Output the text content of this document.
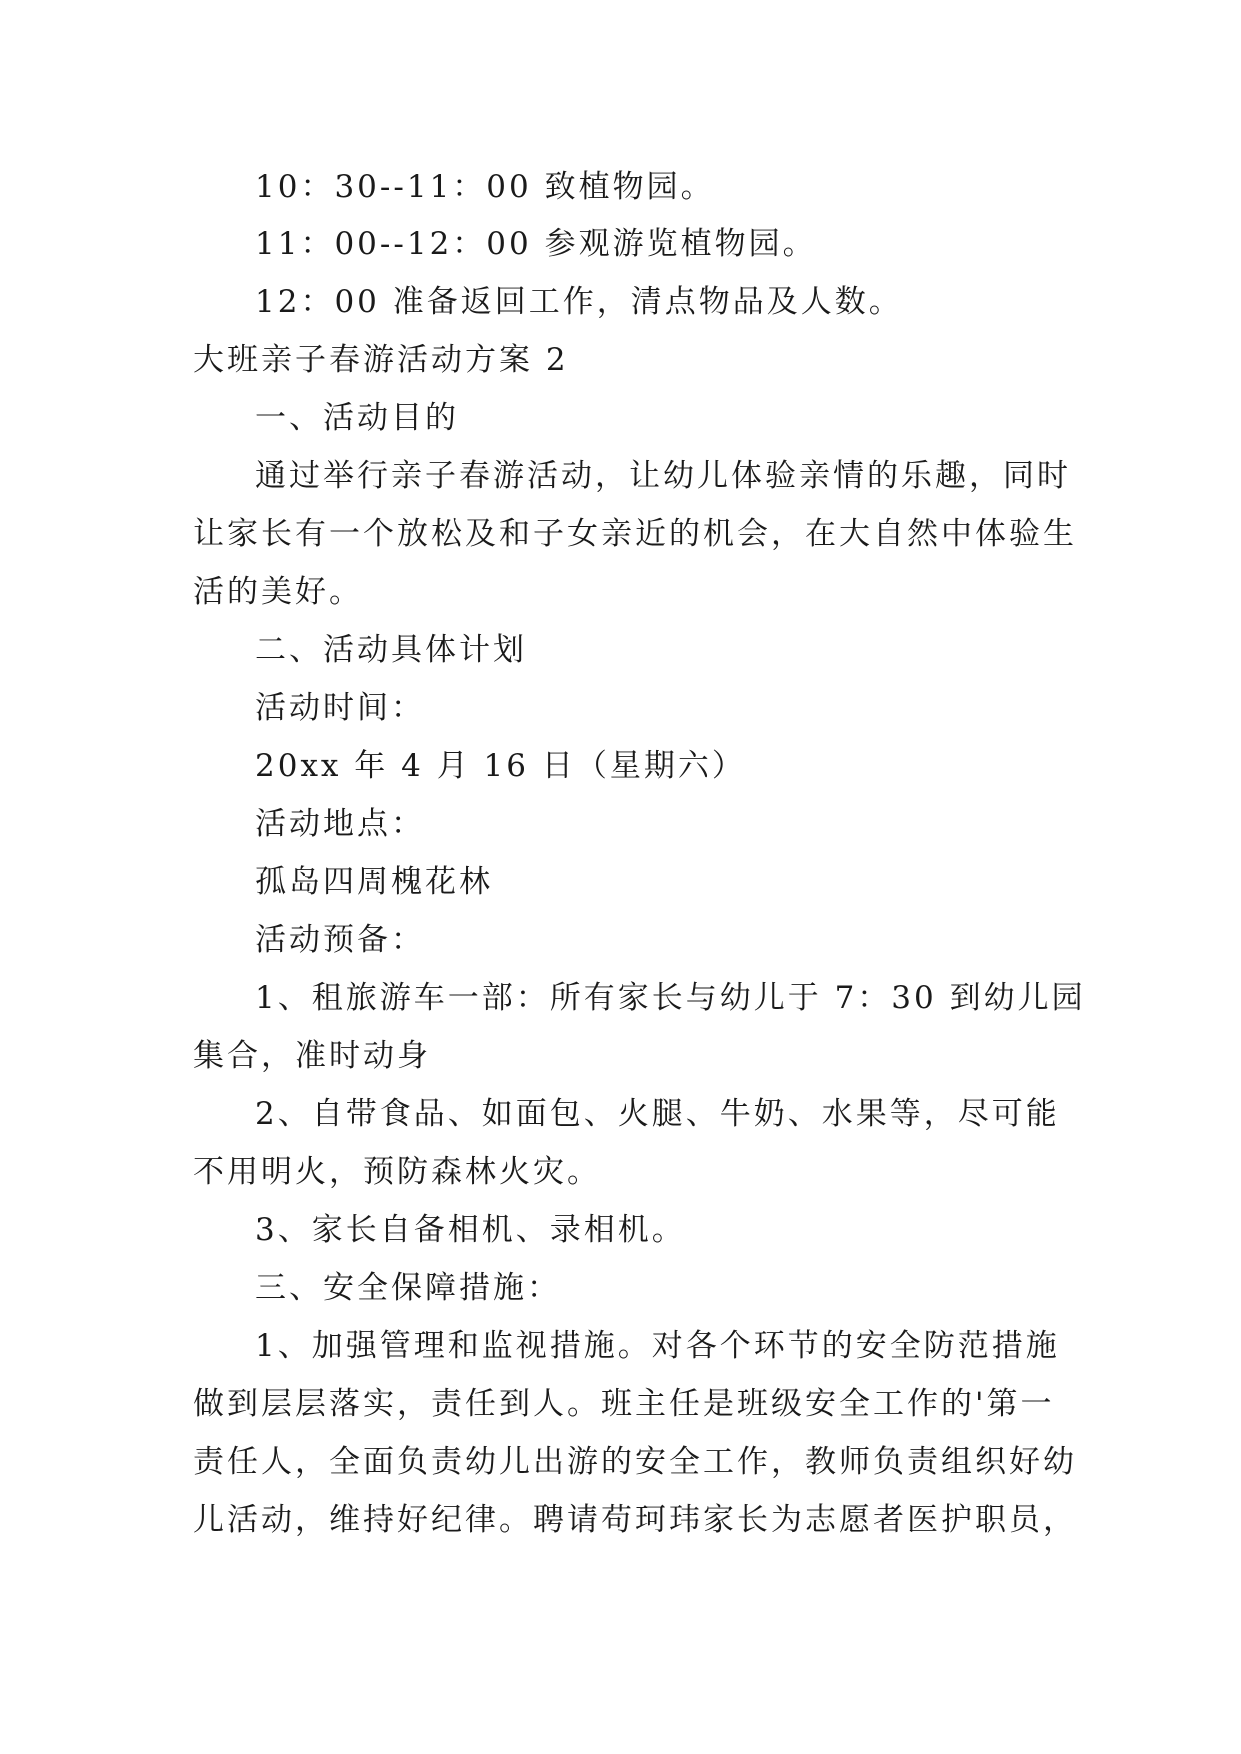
10：30--11：00 致植物园。
11：00--12：00 参观游览植物园。
12：00 准备返回工作，清点物品及人数。
大班亲子春游活动方案 2
一、活动目的
通过举行亲子春游活动，让幼儿体验亲情的乐趣，同时
让家长有一个放松及和子女亲近的机会，在大自然中体验生
活的美好。
二、活动具体计划
活动时间：
20xx 年 4 月 16 日（星期六）
活动地点：
孤岛四周槐花林
活动预备：
1、租旅游车一部：所有家长与幼儿于 7：30 到幼儿园
集合，准时动身
2、自带食品、如面包、火腿、牛奶、水果等，尽可能
不用明火，预防森林火灾。
3、家长自备相机、录相机。
三、安全保障措施：
1、加强管理和监视措施。对各个环节的安全防范措施
做到层层落实，责任到人。班主任是班级安全工作的'第一
责任人，全面负责幼儿出游的安全工作，教师负责组织好幼
儿活动，维持好纪律。聘请苟珂玮家长为志愿者医护职员，
